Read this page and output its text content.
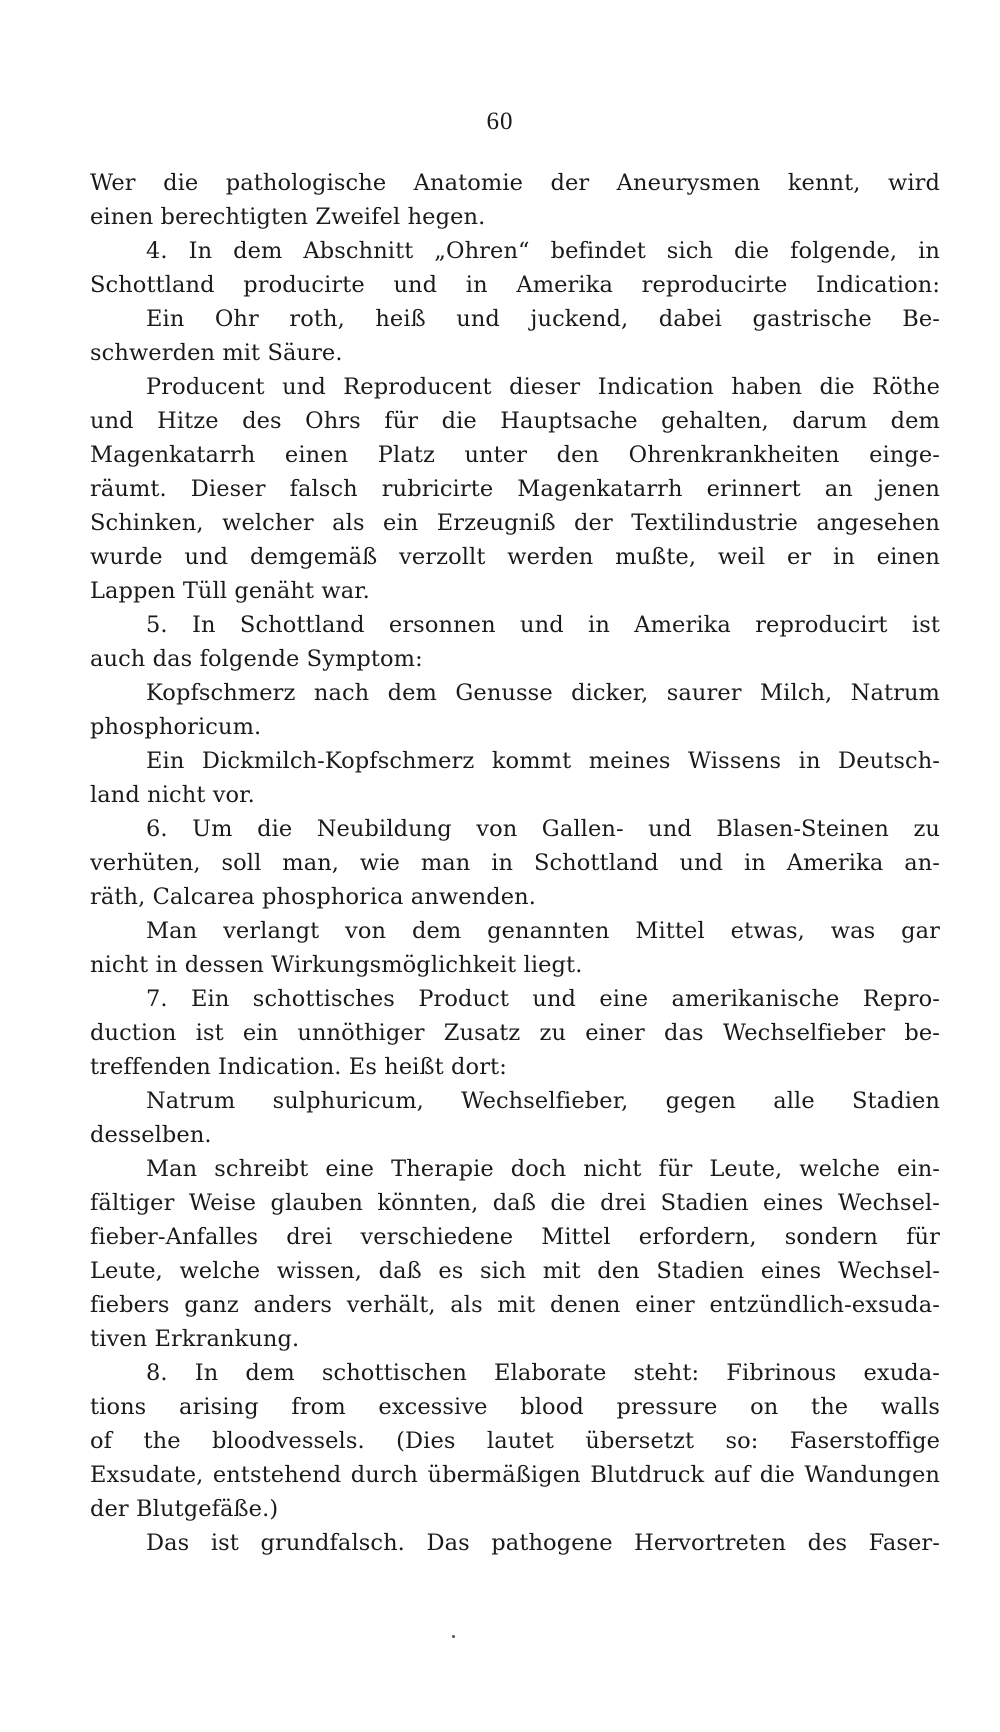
60
Wer die pathologische Anatomie der Aneurysmen kennt, wird
einen berechtigten Zweifel hegen.
4. In dem Abschnitt „Ohren“ befindet sich die folgende, in
Schottland producirte und in Amerika reproducirte Indication:
Ein Ohr roth, heiß und juckend, dabei gastrische Be-
schwerden mit Säure.
Producent und Reproducent dieser Indication haben die Röthe
und Hitze des Ohrs für die Hauptsache gehalten, darum dem
Magenkatarrh einen Platz unter den Ohrenkrankheiten einge-
räumt. Dieser falsch rubricirte Magenkatarrh erinnert an jenen
Schinken, welcher als ein Erzeugniß der Textilindustrie angesehen
wurde und demgemäß verzollt werden mußte, weil er in einen
Lappen Tüll genäht war.
5. In Schottland ersonnen und in Amerika reproducirt ist
auch das folgende Symptom:
Kopfschmerz nach dem Genusse dicker, saurer Milch, Natrum
phosphoricum.
Ein Dickmilch-Kopfschmerz kommt meines Wissens in Deutsch-
land nicht vor.
6. Um die Neubildung von Gallen- und Blasen-Steinen zu
verhüten, soll man, wie man in Schottland und in Amerika an-
räth, Calcarea phosphorica anwenden.
Man verlangt von dem genannten Mittel etwas, was gar
nicht in dessen Wirkungsmöglichkeit liegt.
7. Ein schottisches Product und eine amerikanische Repro-
duction ist ein unnöthiger Zusatz zu einer das Wechselfieber be-
treffenden Indication. Es heißt dort:
Natrum sulphuricum, Wechselfieber, gegen alle Stadien
desselben.
Man schreibt eine Therapie doch nicht für Leute, welche ein-
fältiger Weise glauben könnten, daß die drei Stadien eines Wechsel-
fieber-Anfalles drei verschiedene Mittel erfordern, sondern für
Leute, welche wissen, daß es sich mit den Stadien eines Wechsel-
fiebers ganz anders verhält, als mit denen einer entzündlich-exsuda-
tiven Erkrankung.
8. In dem schottischen Elaborate steht: Fibrinous exuda-
tions arising from excessive blood pressure on the walls
of the bloodvessels. (Dies lautet übersetzt so: Faserstoffige
Exsudate, entstehend durch übermäßigen Blutdruck auf die Wandungen
der Blutgefäße.)
Das ist grundfalsch. Das pathogene Hervortreten des Faser-
